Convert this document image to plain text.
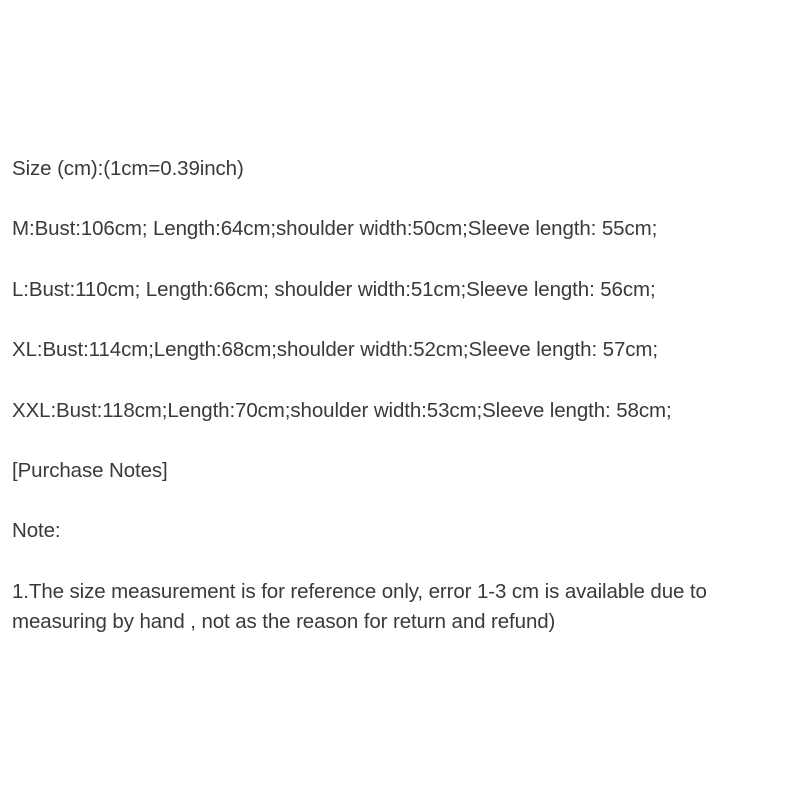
Size (cm):(1cm=0.39inch)
M:Bust:106cm; Length:64cm;shoulder width:50cm;Sleeve length: 55cm;
L:Bust:110cm; Length:66cm; shoulder width:51cm;Sleeve length: 56cm;
XL:Bust:114cm;Length:68cm;shoulder width:52cm;Sleeve length: 57cm;
XXL:Bust:118cm;Length:70cm;shoulder width:53cm;Sleeve length: 58cm;
[Purchase Notes]
Note:
1.The size measurement is for reference only, error 1-3 cm is available due to
measuring by hand , not as the reason for return and refund)
